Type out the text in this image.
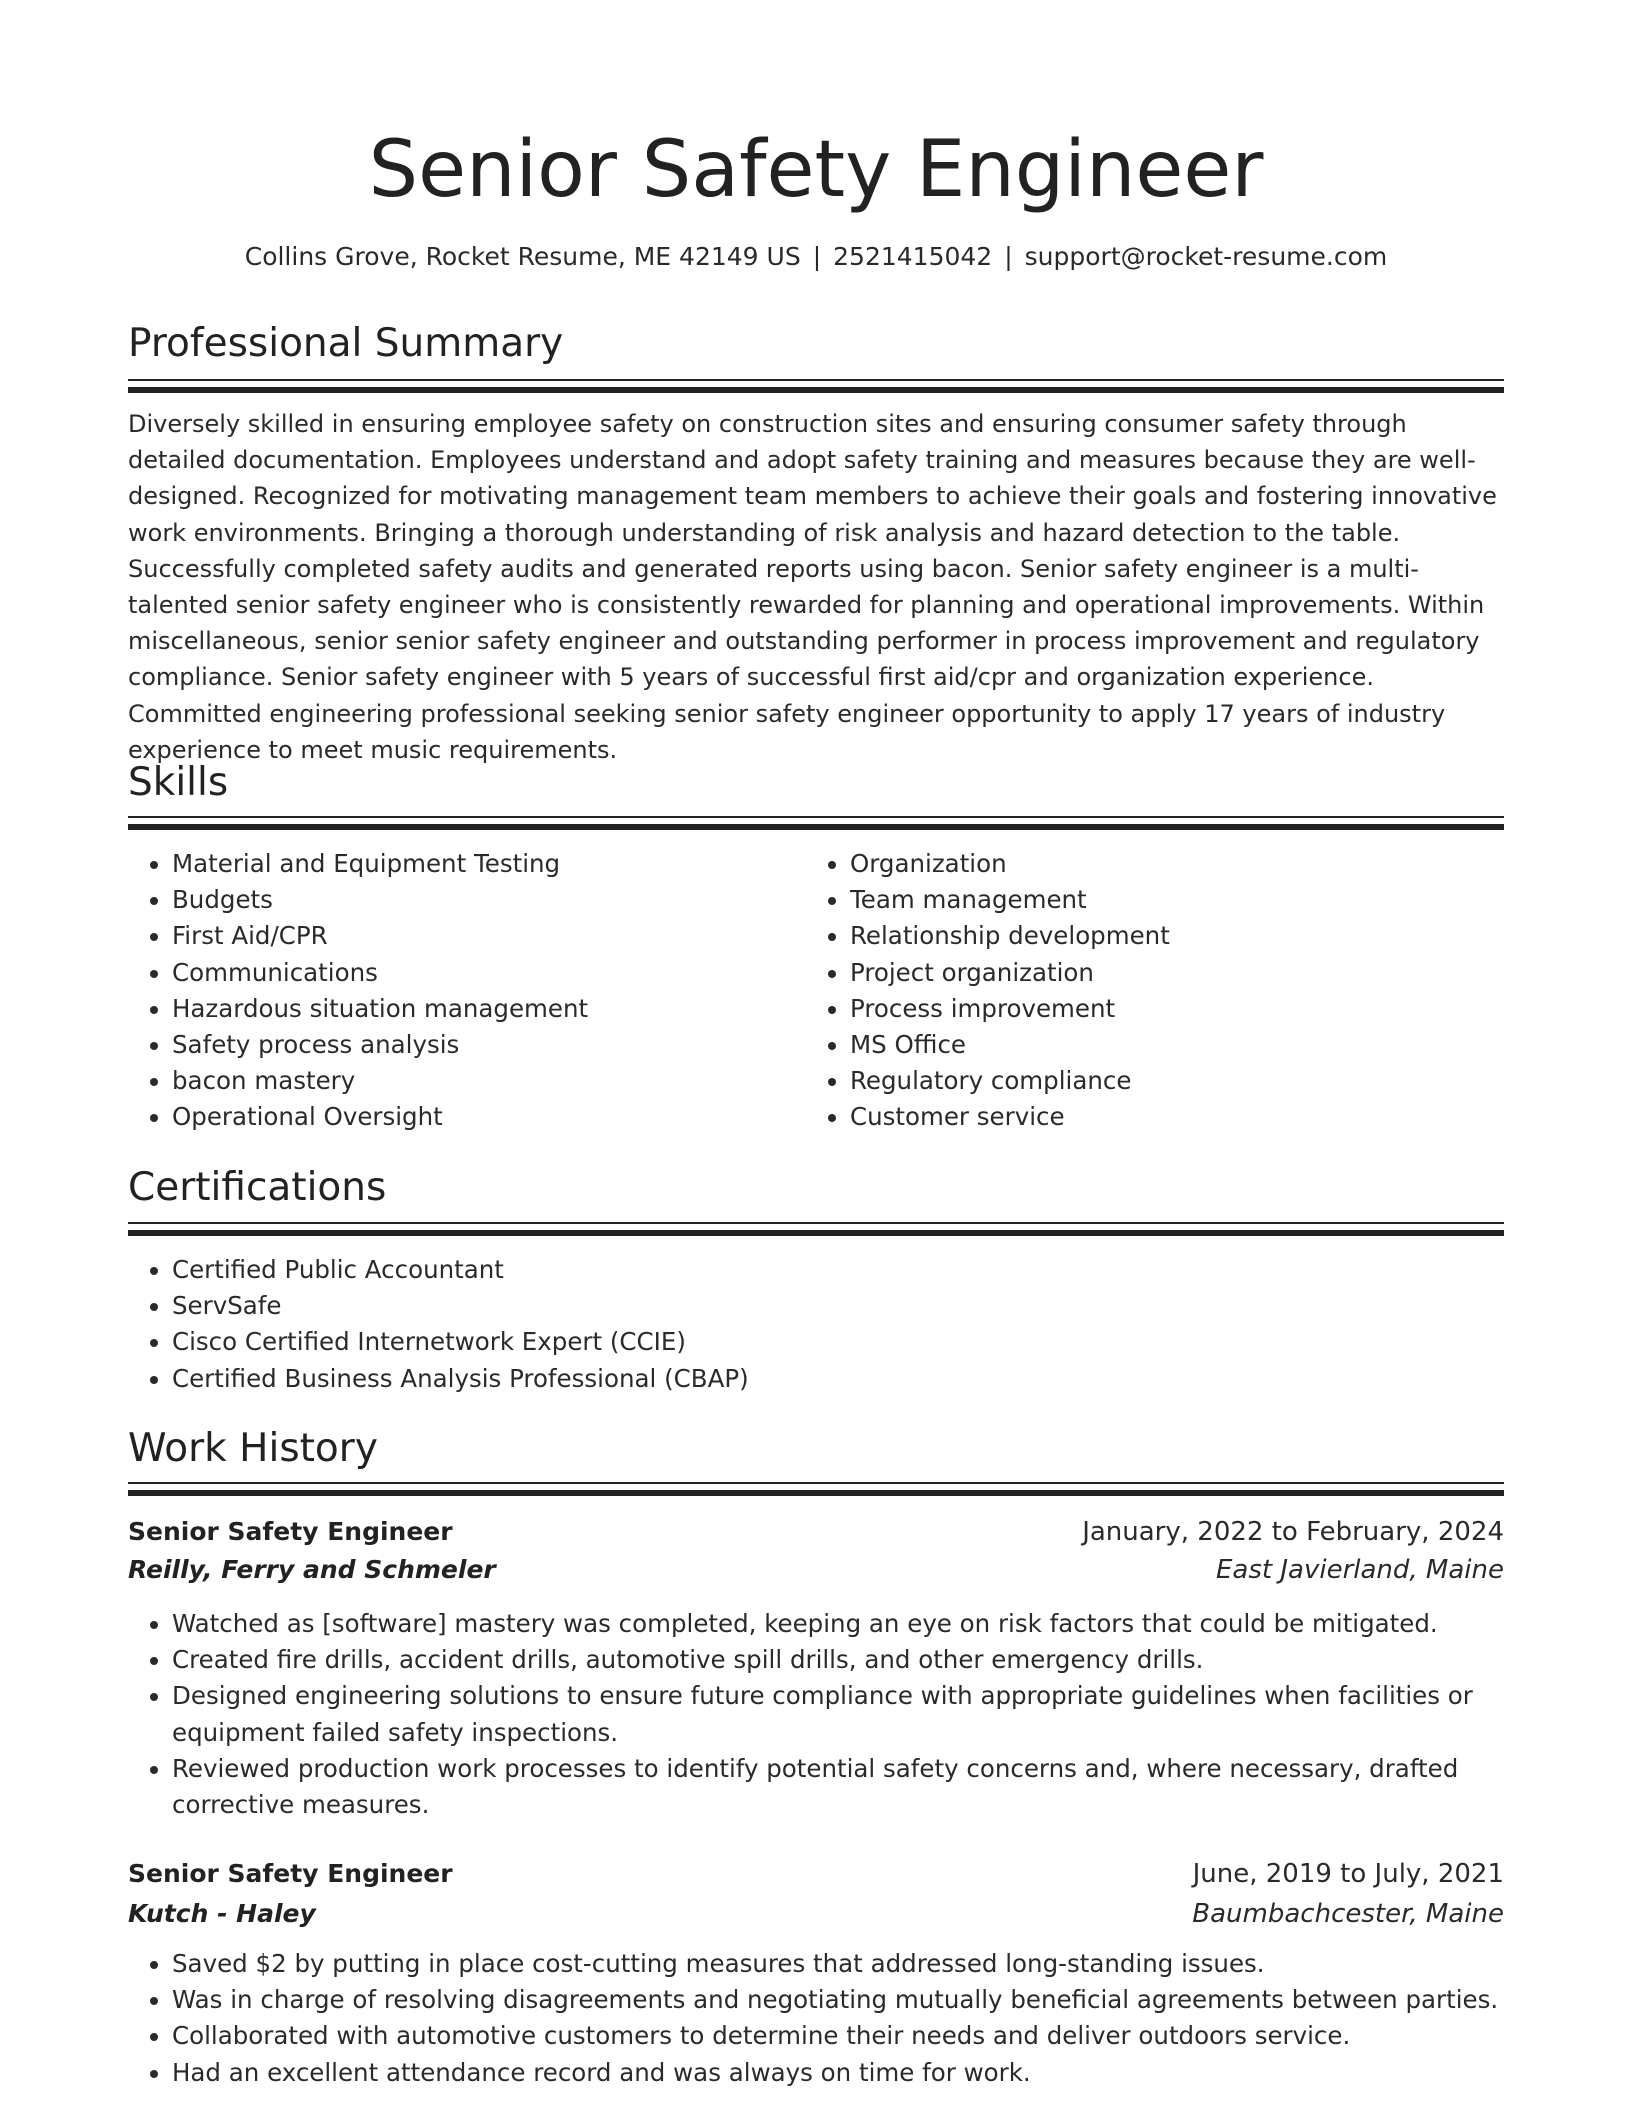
Senior Safety Engineer
Collins Grove, Rocket Resume, ME 42149 US | 2521415042 | support@rocket-resume.com
Professional Summary

Diversely skilled in ensuring employee safety on construction sites and ensuring consumer safety through detailed documentation. Employees understand and adopt safety training and measures because they are well-designed. Recognized for motivating management team members to achieve their goals and fostering innovative work environments. Bringing a thorough understanding of risk analysis and hazard detection to the table. Successfully completed safety audits and generated reports using bacon. Senior safety engineer is a multi-talented senior safety engineer who is consistently rewarded for planning and operational improvements. Within miscellaneous, senior senior safety engineer and outstanding performer in process improvement and regulatory compliance. Senior safety engineer with 5 years of successful first aid/cpr and organization experience. Committed engineering professional seeking senior safety engineer opportunity to apply 17 years of industry experience to meet music requirements.

Skills
• Material and Equipment Testing
• Budgets
• First Aid/CPR
• Communications
• Hazardous situation management
• Safety process analysis
• bacon mastery
• Operational Oversight
• Organization
• Team management
• Relationship development
• Project organization
• Process improvement
• MS Office
• Regulatory compliance
• Customer service
Certifications
• Certified Public Accountant
• ServSafe
• Cisco Certified Internetwork Expert (CCIE)
• Certified Business Analysis Professional (CBAP)
Work History
Senior Safety Engineer	January, 2022 to February, 2024
Reilly, Ferry and Schmeler	East Javierland, Maine
• Watched as [software] mastery was completed, keeping an eye on risk factors that could be mitigated.
• Created fire drills, accident drills, automotive spill drills, and other emergency drills.
• Designed engineering solutions to ensure future compliance with appropriate guidelines when facilities or equipment failed safety inspections.
• Reviewed production work processes to identify potential safety concerns and, where necessary, drafted corrective measures.
Senior Safety Engineer	June, 2019 to July, 2021
Kutch - Haley	Baumbachcester, Maine
• Saved $2 by putting in place cost-cutting measures that addressed long-standing issues.
• Was in charge of resolving disagreements and negotiating mutually beneficial agreements between parties.
• Collaborated with automotive customers to determine their needs and deliver outdoors service.
• Had an excellent attendance record and was always on time for work.
